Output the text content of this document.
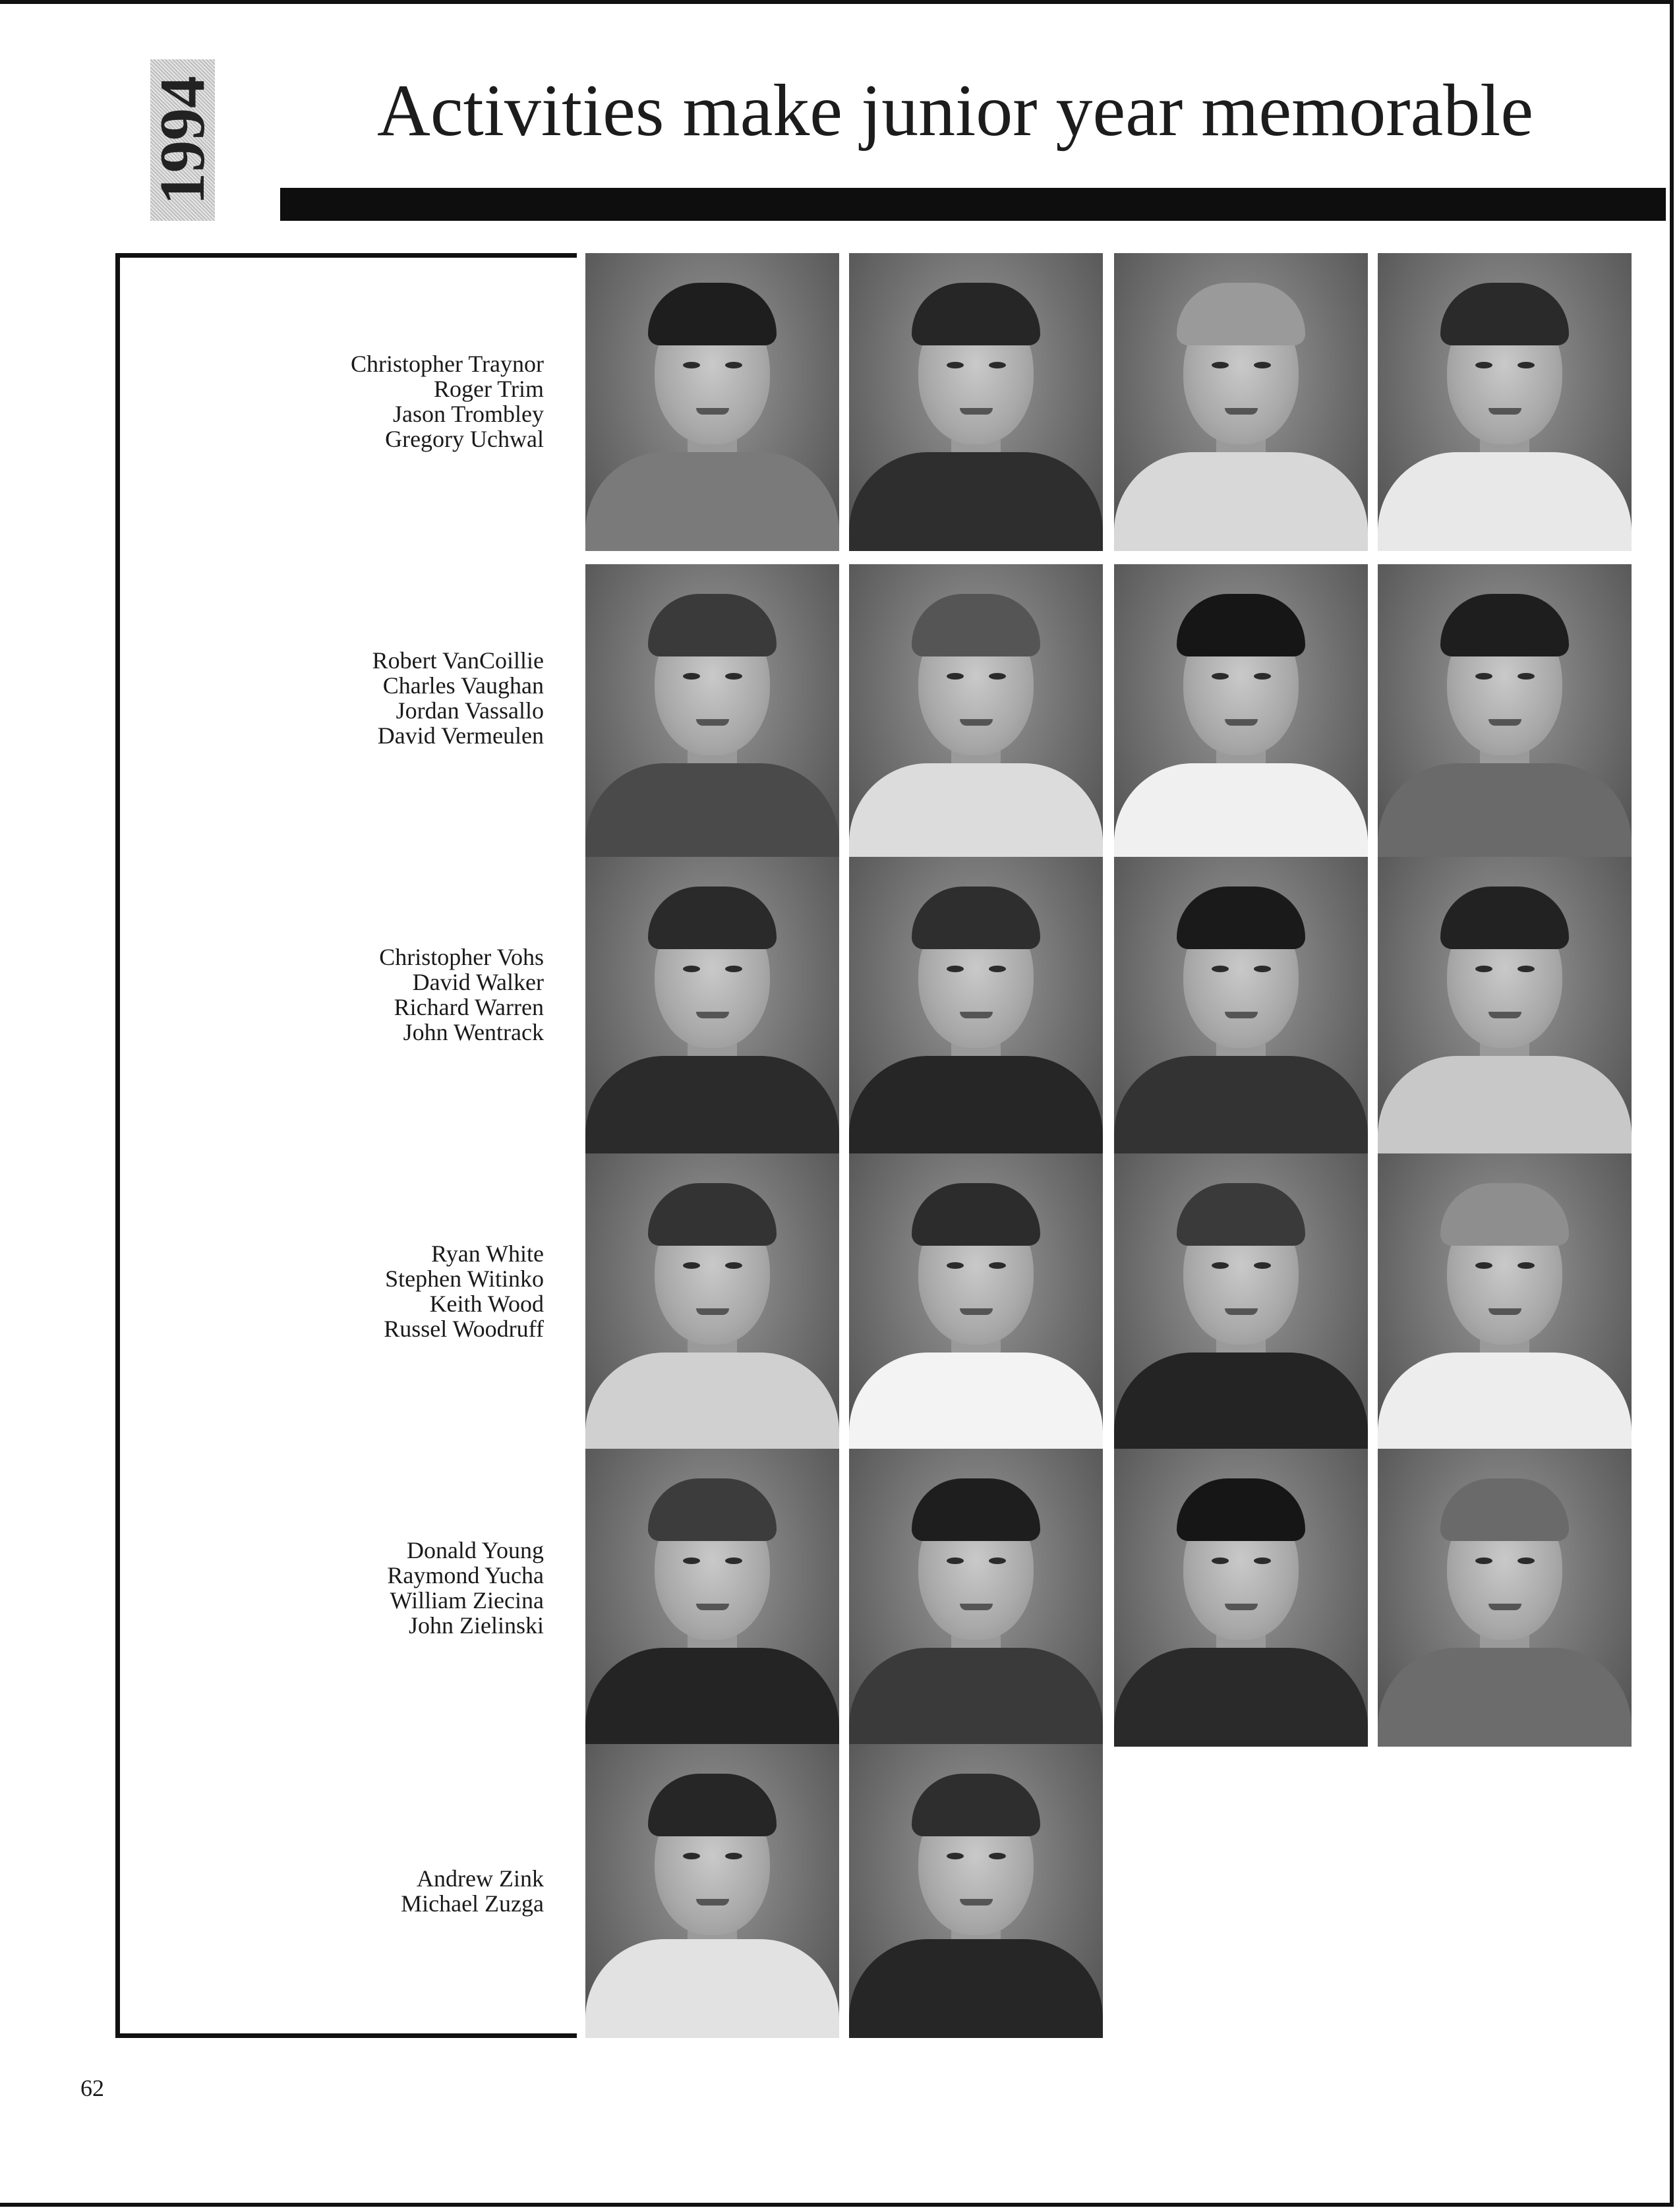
1994 Activities make junior year memorable
Christopher Traynor
Roger Trim
Jason Trombley
Gregory Uchwal
Robert VanCoillie
Charles Vaughan
Jordan Vassallo
David Vermeulen
Christopher Vohs
David Walker
Richard Warren
John Wentrack
Ryan White
Stephen Witinko
Keith Wood
Russel Woodruff
Donald Young
Raymond Yucha
William Ziecina
John Zielinski
Andrew Zink
Michael Zuzga
62
